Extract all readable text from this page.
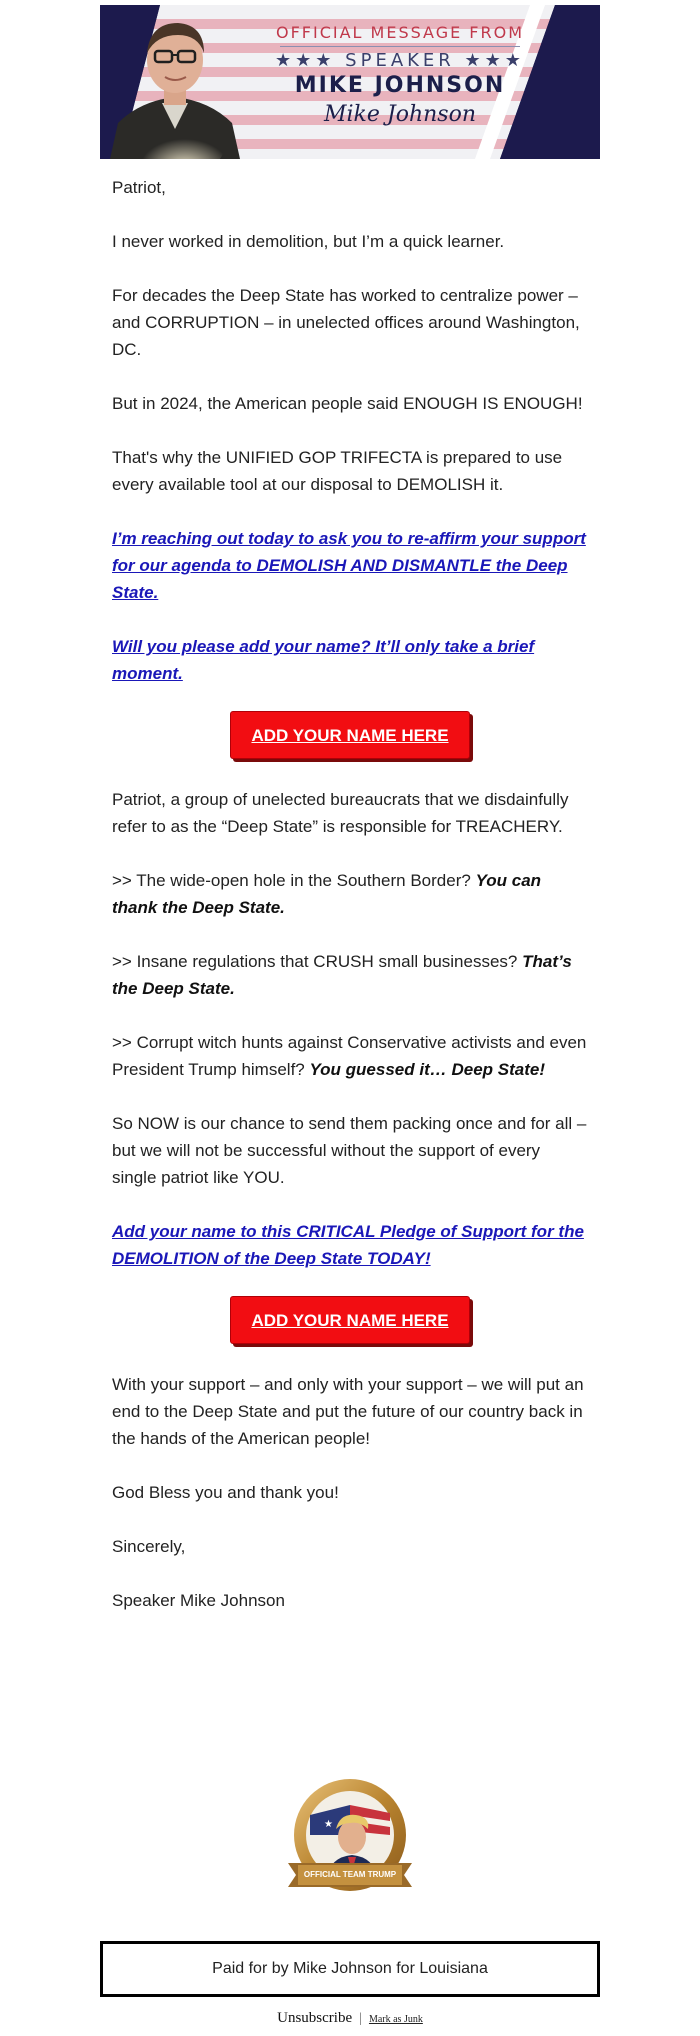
OFFICIAL MESSAGE FROM
★★★ SPEAKER ★★★
MIKE JOHNSON
Mike Johnson

Patriot,

I never worked in demolition, but I’m a quick learner.

For decades the Deep State has worked to centralize power – and CORRUPTION – in unelected offices around Washington, DC.

But in 2024, the American people said ENOUGH IS ENOUGH!

That's why the UNIFIED GOP TRIFECTA is prepared to use every available tool at our disposal to DEMOLISH it.

I’m reaching out today to ask you to re-affirm your support for our agenda to DEMOLISH AND DISMANTLE the Deep State.

Will you please add your name? It’ll only take a brief moment.

ADD YOUR NAME HERE

Patriot, a group of unelected bureaucrats that we disdainfully refer to as the “Deep State” is responsible for TREACHERY.

>> The wide-open hole in the Southern Border? You can thank the Deep State.

>> Insane regulations that CRUSH small businesses? That’s the Deep State.

>> Corrupt witch hunts against Conservative activists and even President Trump himself? You guessed it… Deep State!

So NOW is our chance to send them packing once and for all – but we will not be successful without the support of every single patriot like YOU.

Add your name to this CRITICAL Pledge of Support for the DEMOLITION of the Deep State TODAY!

ADD YOUR NAME HERE

With your support – and only with your support – we will put an end to the Deep State and put the future of our country back in the hands of the American people!

God Bless you and thank you!

Sincerely,

Speaker Mike Johnson

★
OFFICIAL TEAM TRUMP
Paid for by Mike Johnson for Louisiana
Unsubscribe | Mark as Junk
